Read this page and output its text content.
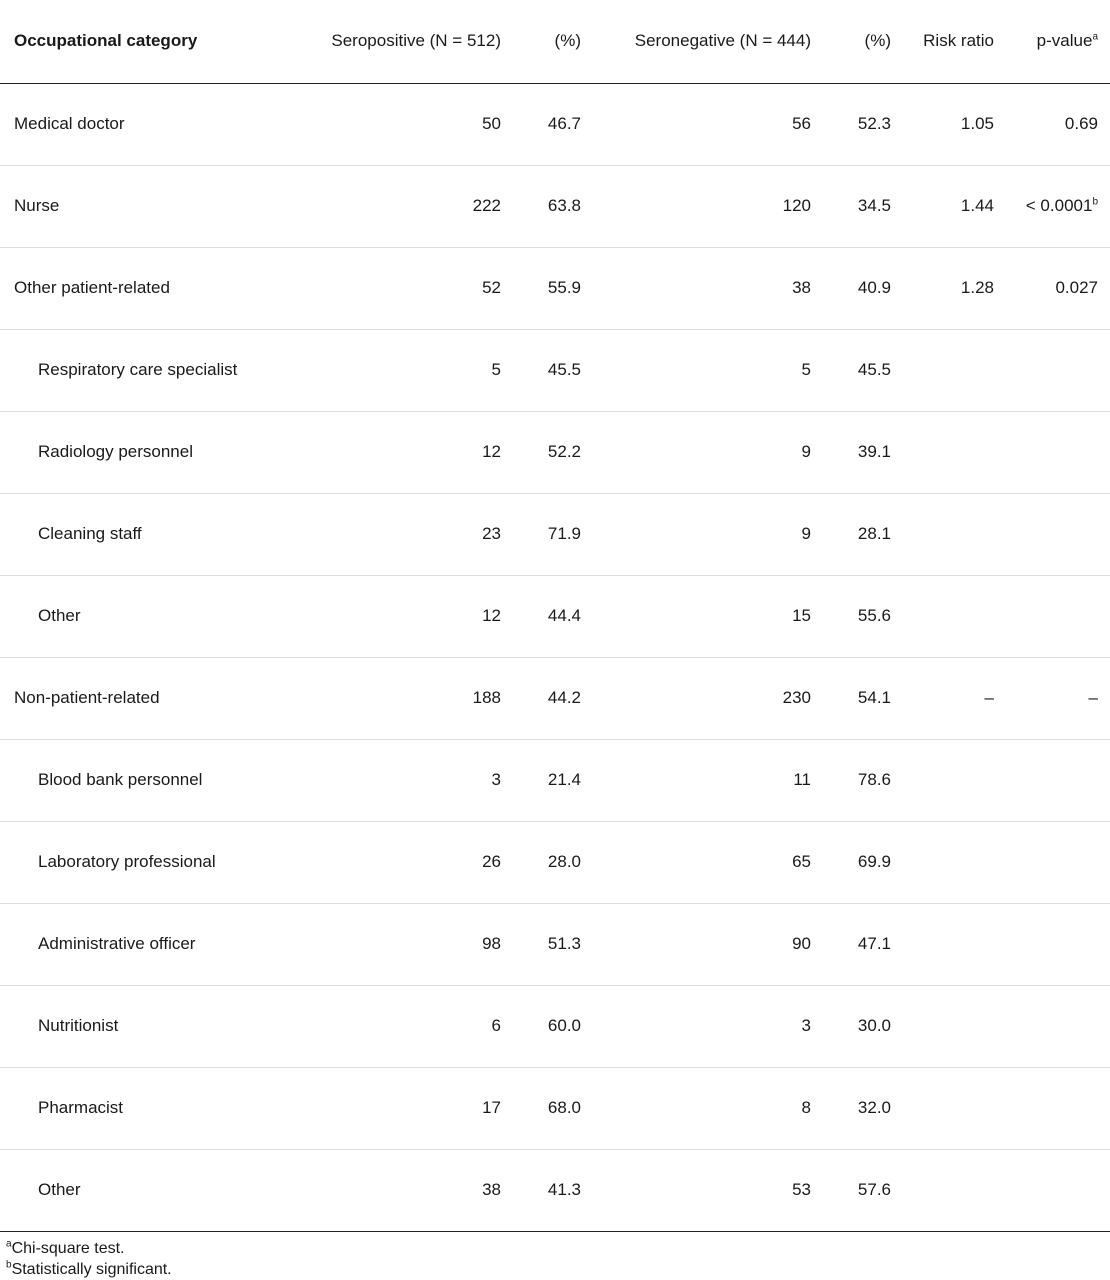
Occupational category	Seropositive (N = 512)	(%)	Seronegative (N = 444)	(%)	Risk ratio	p-value$^a$
Medical doctor	50	46.7	56	52.3	1.05	0.69
Nurse	222	63.8	120	34.5	1.44	< 0.0001$^b$
Other patient-related	52	55.9	38	40.9	1.28	0.027
Respiratory care specialist	5	45.5	5	45.5		
Radiology personnel	12	52.2	9	39.1		
Cleaning staff	23	71.9	9	28.1		
Other	12	44.4	15	55.6		
Non-patient-related	188	44.2	230	54.1	–	–
Blood bank personnel	3	21.4	11	78.6		
Laboratory professional	26	28.0	65	69.9		
Administrative officer	98	51.3	90	47.1		
Nutritionist	6	60.0	3	30.0		
Pharmacist	17	68.0	8	32.0		
Other	38	41.3	53	57.6		
$^a$Chi-square test.
$^b$Statistically significant.
